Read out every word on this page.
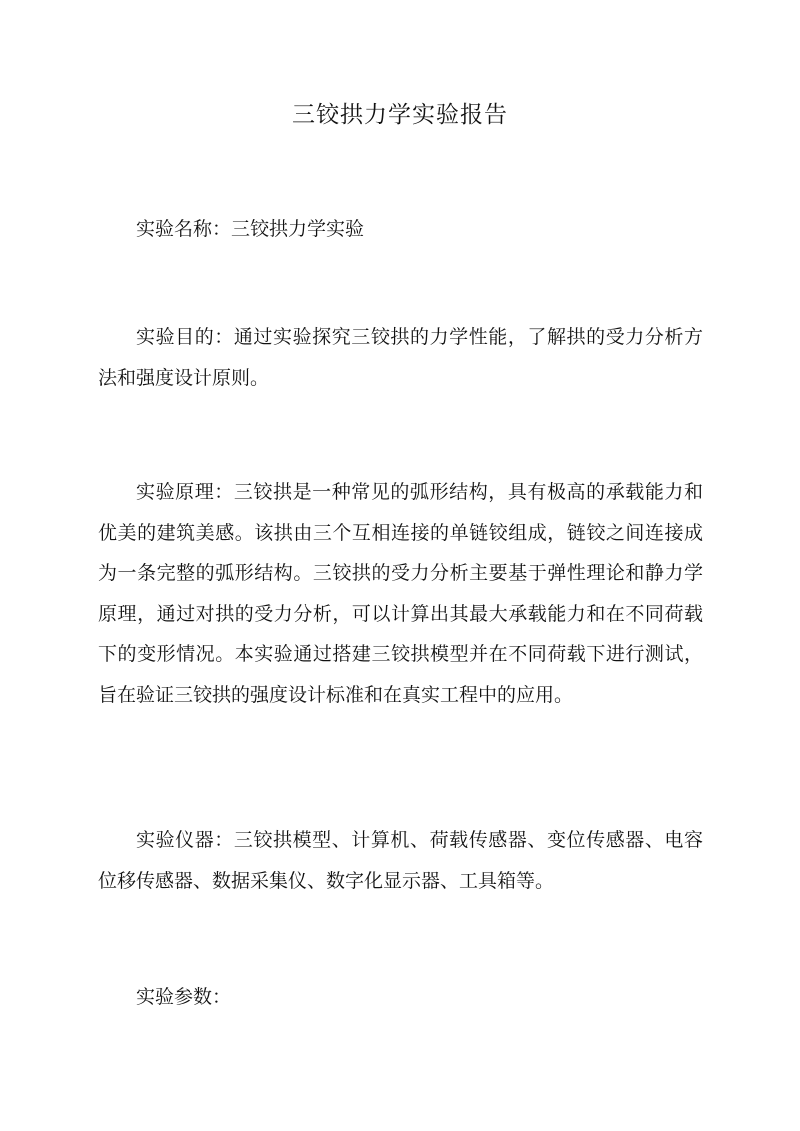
三铰拱力学实验报告

实验名称：三铰拱力学实验

实验目的：通过实验探究三铰拱的力学性能，了解拱的受力分析方法和强度设计原则。

实验原理：三铰拱是一种常见的弧形结构，具有极高的承载能力和优美的建筑美感。该拱由三个互相连接的单链铰组成，链铰之间连接成为一条完整的弧形结构。三铰拱的受力分析主要基于弹性理论和静力学原理，通过对拱的受力分析，可以计算出其最大承载能力和在不同荷载下的变形情况。本实验通过搭建三铰拱模型并在不同荷载下进行测试，旨在验证三铰拱的强度设计标准和在真实工程中的应用。

实验仪器：三铰拱模型、计算机、荷载传感器、变位传感器、电容位移传感器、数据采集仪、数字化显示器、工具箱等。

实验参数：
